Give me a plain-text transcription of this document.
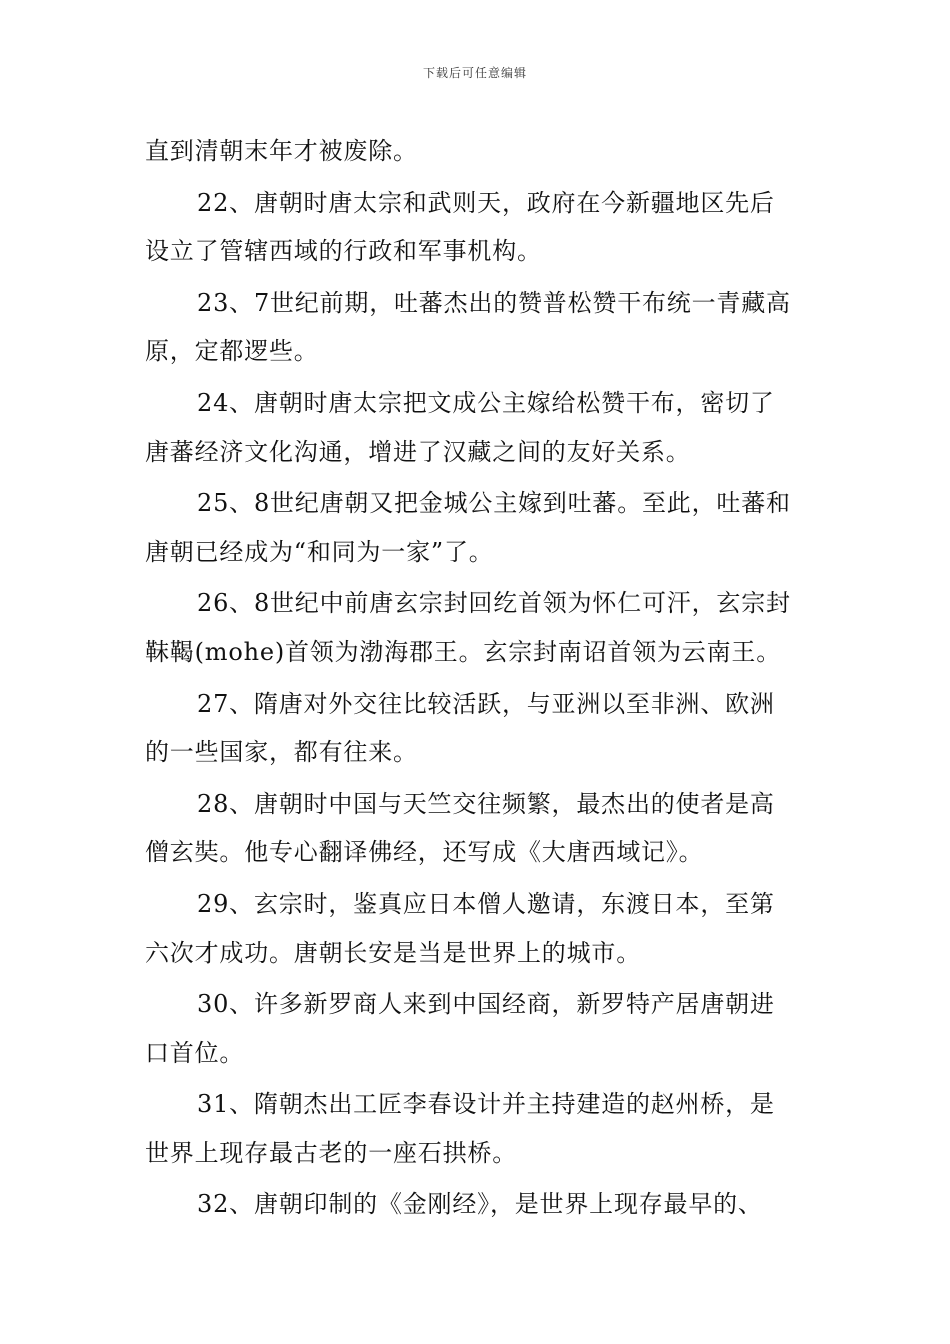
下载后可任意编辑
直到清朝末年才被废除。
22、唐朝时唐太宗和武则天，政府在今新疆地区先后
设立了管辖西域的行政和军事机构。
23、7世纪前期，吐蕃杰出的赞普松赞干布统一青藏高
原，定都逻些。
24、唐朝时唐太宗把文成公主嫁给松赞干布，密切了
唐蕃经济文化沟通，增进了汉藏之间的友好关系。
25、8世纪唐朝又把金城公主嫁到吐蕃。至此，吐蕃和
唐朝已经成为“和同为一家”了。
26、8世纪中前唐玄宗封回纥首领为怀仁可汗，玄宗封
靺鞨(mohe)首领为渤海郡王。玄宗封南诏首领为云南王。
27、隋唐对外交往比较活跃，与亚洲以至非洲、欧洲
的一些国家，都有往来。
28、唐朝时中国与天竺交往频繁，最杰出的使者是高
僧玄奘。他专心翻译佛经，还写成《大唐西域记》。
29、玄宗时，鉴真应日本僧人邀请，东渡日本，至第
六次才成功。唐朝长安是当是世界上的城市。
30、许多新罗商人来到中国经商，新罗特产居唐朝进
口首位。
31、隋朝杰出工匠李春设计并主持建造的赵州桥，是
世界上现存最古老的一座石拱桥。
32、唐朝印制的《金刚经》，是世界上现存最早的、
